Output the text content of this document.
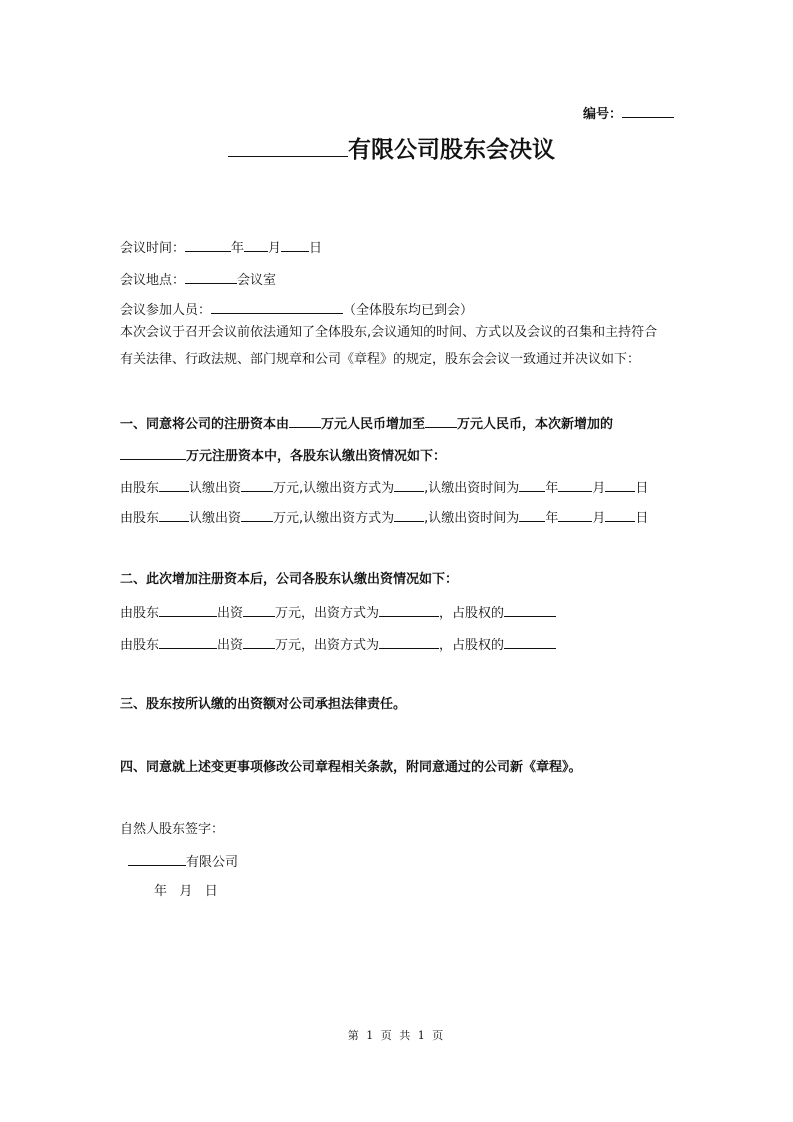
编号：
有限公司股东会决议
会议时间：	年 月 日
会议地点：	会议室
会议参加人员：	（全体股东均已到会）
本次会议于召开会议前依法通知了全体股东,会议通知的时间、方式以及会议的召集和主持符合
有关法律、行政法规、部门规章和公司《章程》的规定，股东会会议一致通过并决议如下：
一、同意将公司的注册资本由 万元人民币增加至 万元人民币，本次新增加的
万元注册资本中，各股东认缴出资情况如下：
由股东 认缴出资 万元,认缴出资方式为 ,认缴出资时间为 年	月 日
由股东 认缴出资 万元,认缴出资方式为 ,认缴出资时间为 年	月 日
二、此次增加注册资本后，公司各股东认缴出资情况如下：
由股东	出资 万元，出资方式为	，占股权的
由股东	出资 万元，出资方式为	，占股权的
三、股东按所认缴的出资额对公司承担法律责任。
四、同意就上述变更事项修改公司章程相关条款，附同意通过的公司新《章程》。
自然人股东签字：
有限公司
年   月   日
第 1 页 共 1 页
